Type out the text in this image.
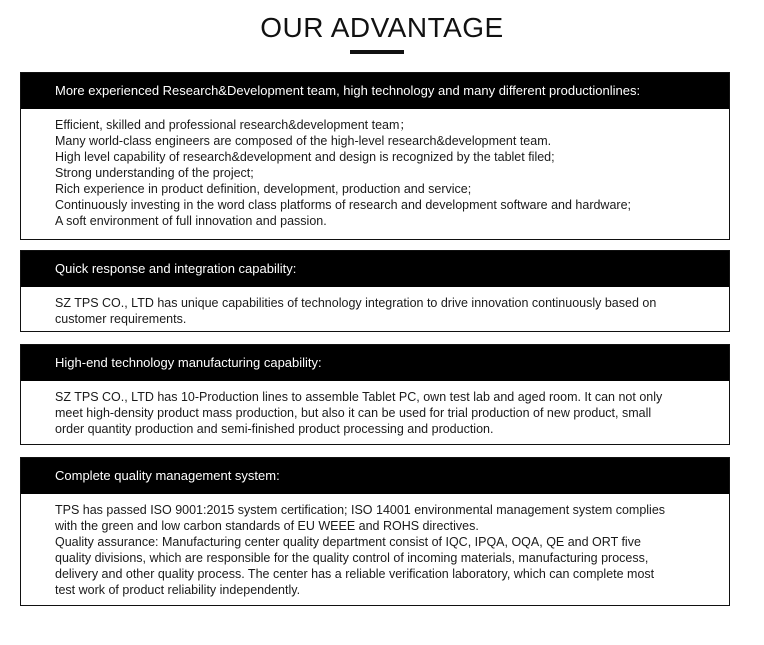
OUR ADVANTAGE
More experienced Research&Development team, high technology and many different productionlines:
Efficient, skilled and professional research&development team；
Many world-class engineers are composed of the high-level research&development team.
High level capability of research&development and design is recognized by the tablet filed;
Strong understanding of the project;
Rich experience in product definition, development, production and service;
Continuously investing in the word class platforms of research and development software and hardware;
A soft environment of full innovation and passion.
Quick response and integration capability:
SZ TPS CO., LTD has unique capabilities of technology integration to drive innovation continuously based on
customer requirements.
High-end technology manufacturing capability:
SZ TPS CO., LTD has 10-Production lines to assemble Tablet PC, own test lab and aged room. It can not only
meet high-density product mass production, but also it can be used for trial production of new product, small
order quantity production and semi-finished product processing and production.
Complete quality management system:
TPS has passed ISO 9001:2015 system certification; ISO 14001 environmental management system complies
with the green and low carbon standards of EU WEEE and ROHS directives.
Quality assurance: Manufacturing center quality department consist of IQC, IPQA, OQA, QE and ORT five
quality divisions, which are responsible for the quality control of incoming materials, manufacturing process,
delivery and other quality process. The center has a reliable verification laboratory, which can complete most
test work of product reliability independently.
